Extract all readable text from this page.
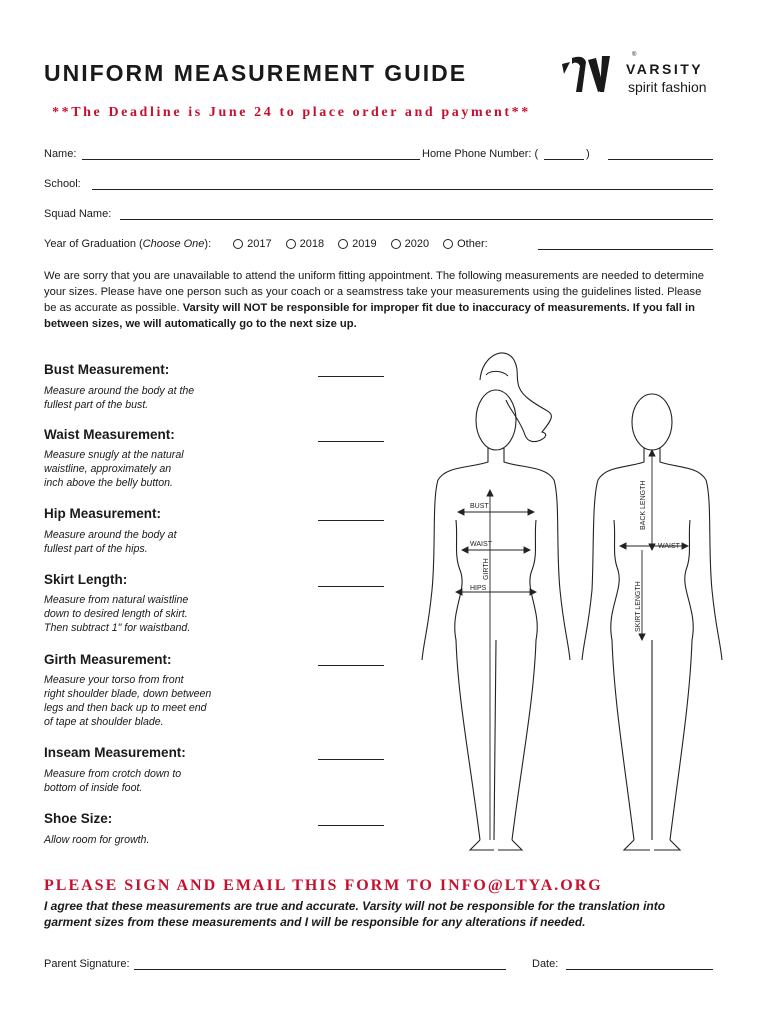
UNIFORM MEASUREMENT GUIDE
**The Deadline is June 24 to place order and payment**
®
VARSITY
spirit fashion
Name:	Home Phone Number: (	)
School:
Squad Name:
Year of Graduation (Choose One):	2017	2018	2019	2020	Other:
We are sorry that you are unavailable to attend the uniform fitting appointment. The following measurements are needed to determine your sizes. Please have one person such as your coach or a seamstress take your measurements using the guidelines listed. Please be as accurate as possible. Varsity will NOT be responsible for improper fit due to inaccuracy of measurements. If you fall in between sizes, we will automatically go to the next size up.
Bust Measurement:
Measure around the body at the
fullest part of the bust.
Waist Measurement:
Measure snugly at the natural
waistline, approximately an
inch above the belly button.
Hip Measurement:
Measure around the body at
fullest part of the hips.
Skirt Length:
Measure from natural waistline
down to desired length of skirt.
Then subtract 1" for waistband.
Girth Measurement:
Measure your torso from front
right shoulder blade, down between
legs and then back up to meet end
of tape at shoulder blade.
Inseam Measurement:
Measure from crotch down to
bottom of inside foot.
Shoe Size:
Allow room for growth.
BUST
WAIST
HIPS
GIRTH
BACK LENGTH
WAIST
SKIRT LENGTH
PLEASE SIGN AND EMAIL THIS FORM TO INFO@LTYA.ORG
I agree that these measurements are true and accurate. Varsity will not be responsible for the translation into garment sizes from these measurements and I will be responsible for any alterations if needed.
Parent Signature:	Date:
